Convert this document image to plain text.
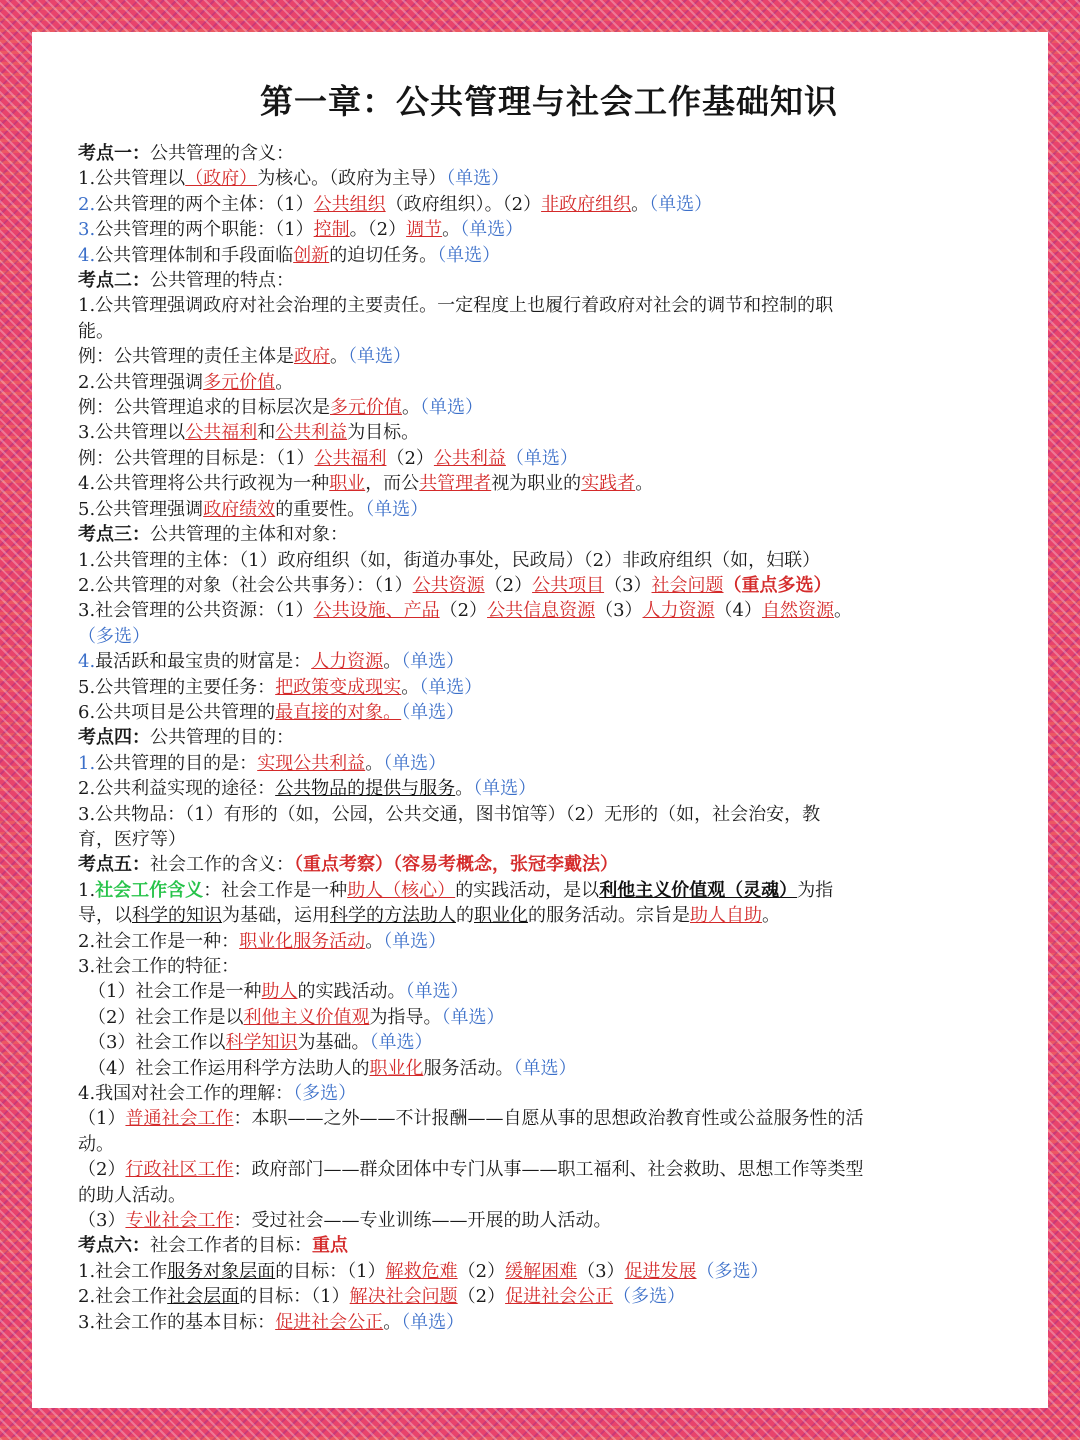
第一章：公共管理与社会工作基础知识
考点一：公共管理的含义：
1.公共管理以（政府）为核心。（政府为主导）（单选）
2.公共管理的两个主体：（1）公共组织（政府组织）。（2）非政府组织。（单选）
3.公共管理的两个职能：（1）控制。（2）调节。（单选）
4.公共管理体制和手段面临创新的迫切任务。（单选）
考点二：公共管理的特点：
1.公共管理强调政府对社会治理的主要责任。一定程度上也履行着政府对社会的调节和控制的职
能。
例：公共管理的责任主体是政府。（单选）
2.公共管理强调多元价值。
例：公共管理追求的目标层次是多元价值。（单选）
3.公共管理以公共福利和公共利益为目标。
例：公共管理的目标是：（1）公共福利（2）公共利益（单选）
4.公共管理将公共行政视为一种职业，而公共管理者视为职业的实践者。
5.公共管理强调政府绩效的重要性。（单选）
考点三：公共管理的主体和对象：
1.公共管理的主体：（1）政府组织（如，街道办事处，民政局）（2）非政府组织（如，妇联）
2.公共管理的对象（社会公共事务）：（1）公共资源（2）公共项目（3）社会问题（重点多选）
3.社会管理的公共资源：（1）公共设施、产品（2）公共信息资源（3）人力资源（4）自然资源。
（多选）
4.最活跃和最宝贵的财富是：人力资源。（单选）
5.公共管理的主要任务：把政策变成现实。（单选）
6.公共项目是公共管理的最直接的对象。（单选）
考点四：公共管理的目的：
1.公共管理的目的是：实现公共利益。（单选）
2.公共利益实现的途径：公共物品的提供与服务。（单选）
3.公共物品：（1）有形的（如，公园，公共交通，图书馆等）（2）无形的（如，社会治安，教
育，医疗等）
考点五：社会工作的含义：（重点考察）（容易考概念，张冠李戴法）
1.社会工作含义：社会工作是一种助人（核心）的实践活动，是以利他主义价值观（灵魂）为指
导，以科学的知识为基础，运用科学的方法助人的职业化的服务活动。宗旨是助人自助。
2.社会工作是一种：职业化服务活动。（单选）
3.社会工作的特征：
（1）社会工作是一种助人的实践活动。（单选）
（2）社会工作是以利他主义价值观为指导。（单选）
（3）社会工作以科学知识为基础。（单选）
（4）社会工作运用科学方法助人的职业化服务活动。（单选）
4.我国对社会工作的理解：（多选）
（1）普通社会工作：本职——之外——不计报酬——自愿从事的思想政治教育性或公益服务性的活
动。
（2）行政社区工作：政府部门——群众团体中专门从事——职工福利、社会救助、思想工作等类型
的助人活动。
（3）专业社会工作：受过社会——专业训练——开展的助人活动。
考点六：社会工作者的目标：重点
1.社会工作服务对象层面的目标：（1）解救危难（2）缓解困难（3）促进发展（多选）
2.社会工作社会层面的目标：（1）解决社会问题（2）促进社会公正（多选）
3.社会工作的基本目标：促进社会公正。（单选）
